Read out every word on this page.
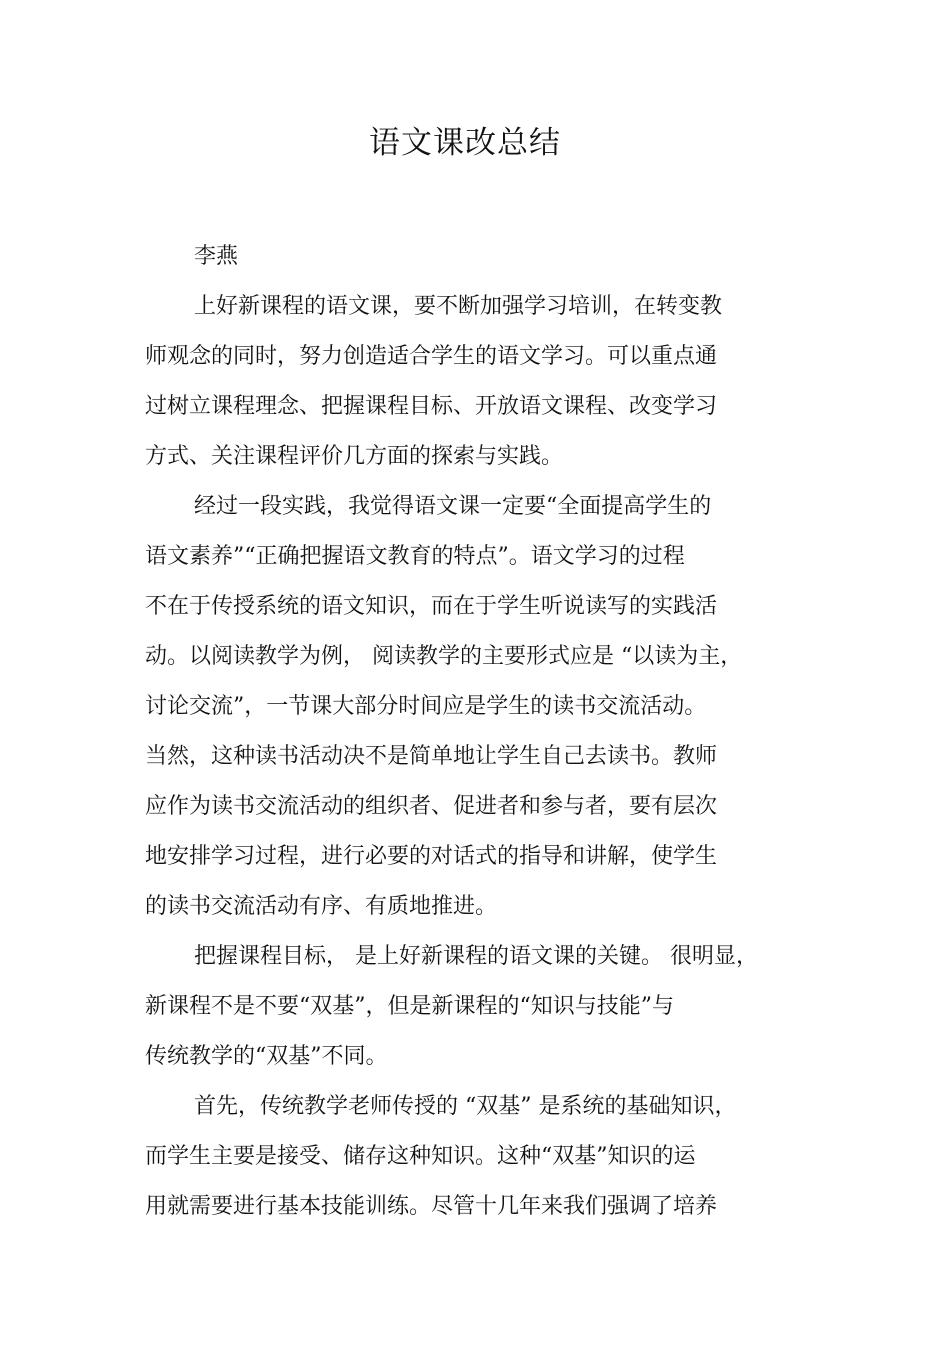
语文课改总结
李燕
上好新课程的语文课，要不断加强学习培训，在转变教
师观念的同时，努力创造适合学生的语文学习。可以重点通
过树立课程理念、把握课程目标、开放语文课程、改变学习
方式、关注课程评价几方面的探索与实践。
经过一段实践，我觉得语文课一定要“全面提高学生的
语文素养”“正确把握语文教育的特点”。语文学习的过程
不在于传授系统的语文知识，而在于学生听说读写的实践活
动。以阅读教学为例， 阅读教学的主要形式应是 “以读为主，
讨论交流”，一节课大部分时间应是学生的读书交流活动。
当然，这种读书活动决不是简单地让学生自己去读书。教师
应作为读书交流活动的组织者、促进者和参与者，要有层次
地安排学习过程，进行必要的对话式的指导和讲解，使学生
的读书交流活动有序、有质地推进。
把握课程目标， 是上好新课程的语文课的关键。 很明显，
新课程不是不要“双基”，但是新课程的“知识与技能”与
传统教学的“双基”不同。
首先，传统教学老师传授的 “双基” 是系统的基础知识，
而学生主要是接受、储存这种知识。这种“双基”知识的运
用就需要进行基本技能训练。尽管十几年来我们强调了培养
